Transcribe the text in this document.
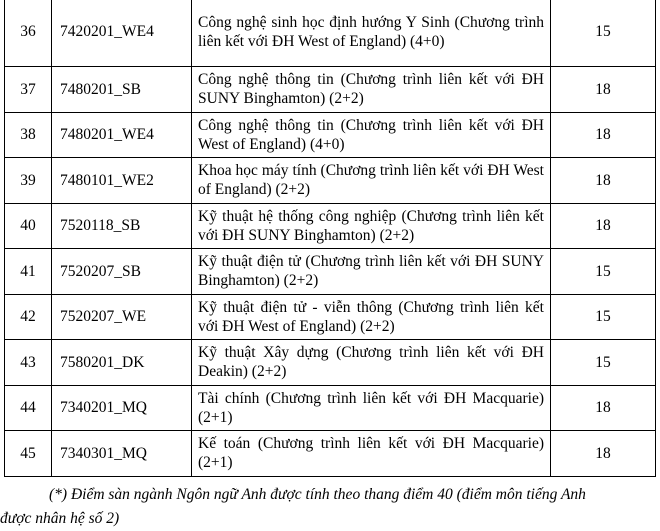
36	7420201_WE4	Công nghệ sinh học định hướng Y Sinh (Chương trình liên kết với ĐH West of England) (4+0)	15
37	7480201_SB	Công nghệ thông tin (Chương trình liên kết với ĐH SUNY Binghamton) (2+2)	18
38	7480201_WE4	Công nghệ thông tin (Chương trình liên kết với ĐH West of England) (4+0)	18
39	7480101_WE2	Khoa học máy tính (Chương trình liên kết với ĐH West of England) (2+2)	18
40	7520118_SB	Kỹ thuật hệ thống công nghiệp (Chương trình liên kết với ĐH SUNY Binghamton) (2+2)	18
41	7520207_SB	Kỹ thuật điện tử (Chương trình liên kết với ĐH SUNY Binghamton) (2+2)	15
42	7520207_WE	Kỹ thuật điện tử - viễn thông (Chương trình liên kết với ĐH West of England) (2+2)	15
43	7580201_DK	Kỹ thuật Xây dựng (Chương trình liên kết với ĐH Deakin) (2+2)	15
44	7340201_MQ	Tài chính (Chương trình liên kết với ĐH Macquarie) (2+1)	18
45	7340301_MQ	Kế toán (Chương trình liên kết với ĐH Macquarie) (2+1)	18
(*) Điểm sàn ngành Ngôn ngữ Anh được tính theo thang điểm 40 (điểm môn tiếng Anh
được nhân hệ số 2)
